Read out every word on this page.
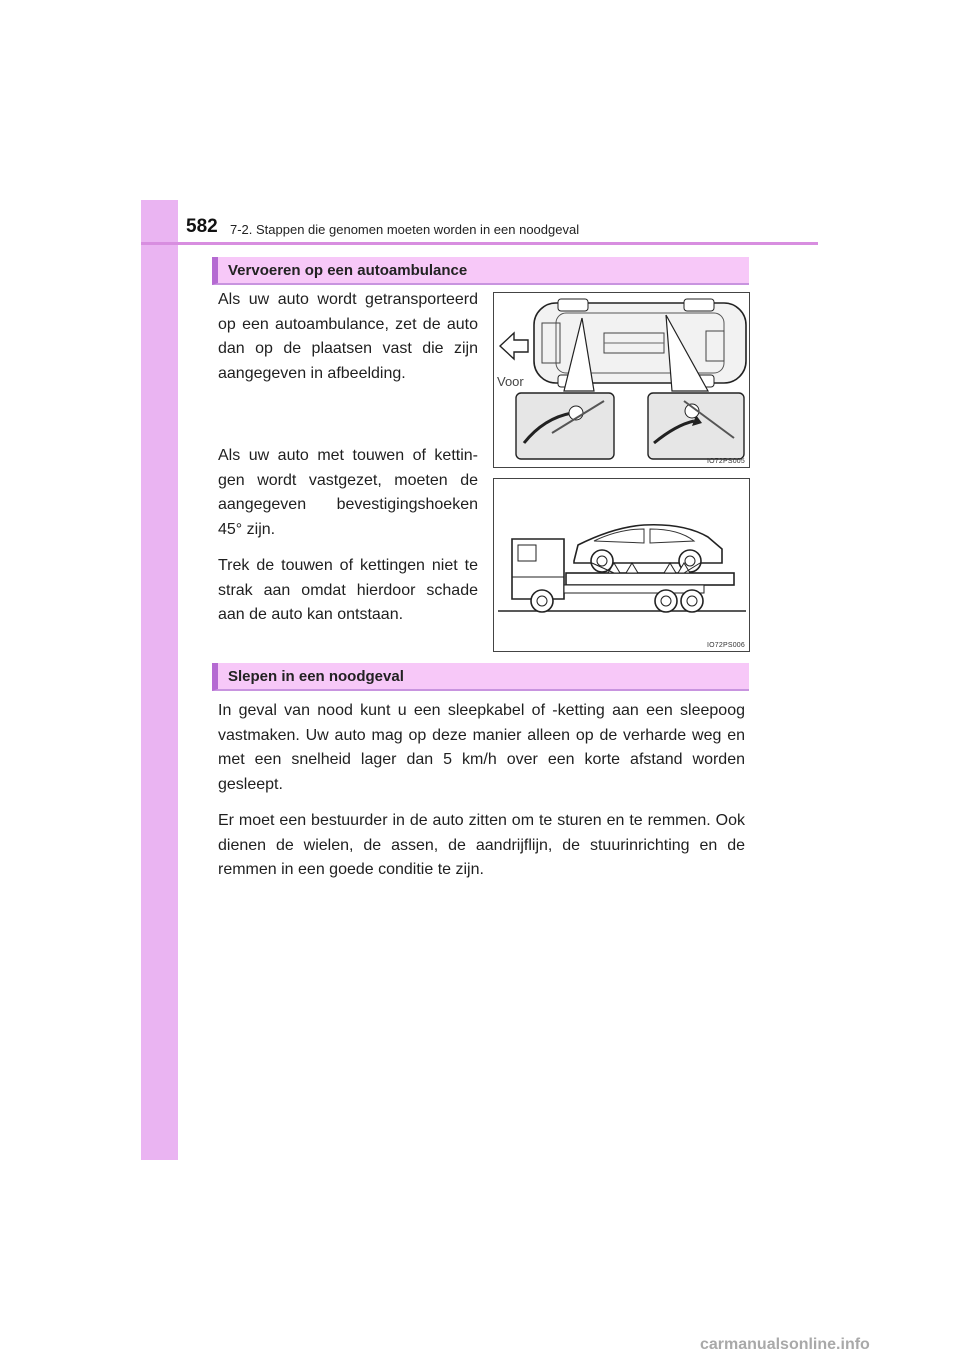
582 7-2. Stappen die genomen moeten worden in een noodgeval
Vervoeren op een autoambulance

Als uw auto wordt getransporteerd op een autoambulance, zet de auto dan op de plaatsen vast die zijn aangegeven in afbeelding.

Als uw auto met touwen of kettin-gen wordt vastgezet, moeten de aangegeven bevestigingshoeken 45° zijn.

Trek de touwen of kettingen niet te strak aan omdat hierdoor schade aan de auto kan ontstaan.

Voor
IO72PS005
IO72PS006
Slepen in een noodgeval

In geval van nood kunt u een sleepkabel of -ketting aan een sleepoog vastmaken. Uw auto mag op deze manier alleen op de verharde weg en met een snelheid lager dan 5 km/h over een korte afstand worden gesleept.

Er moet een bestuurder in de auto zitten om te sturen en te remmen. Ook dienen de wielen, de assen, de aandrijflijn, de stuurinrichting en de remmen in een goede conditie te zijn.

carmanualsonline.info
